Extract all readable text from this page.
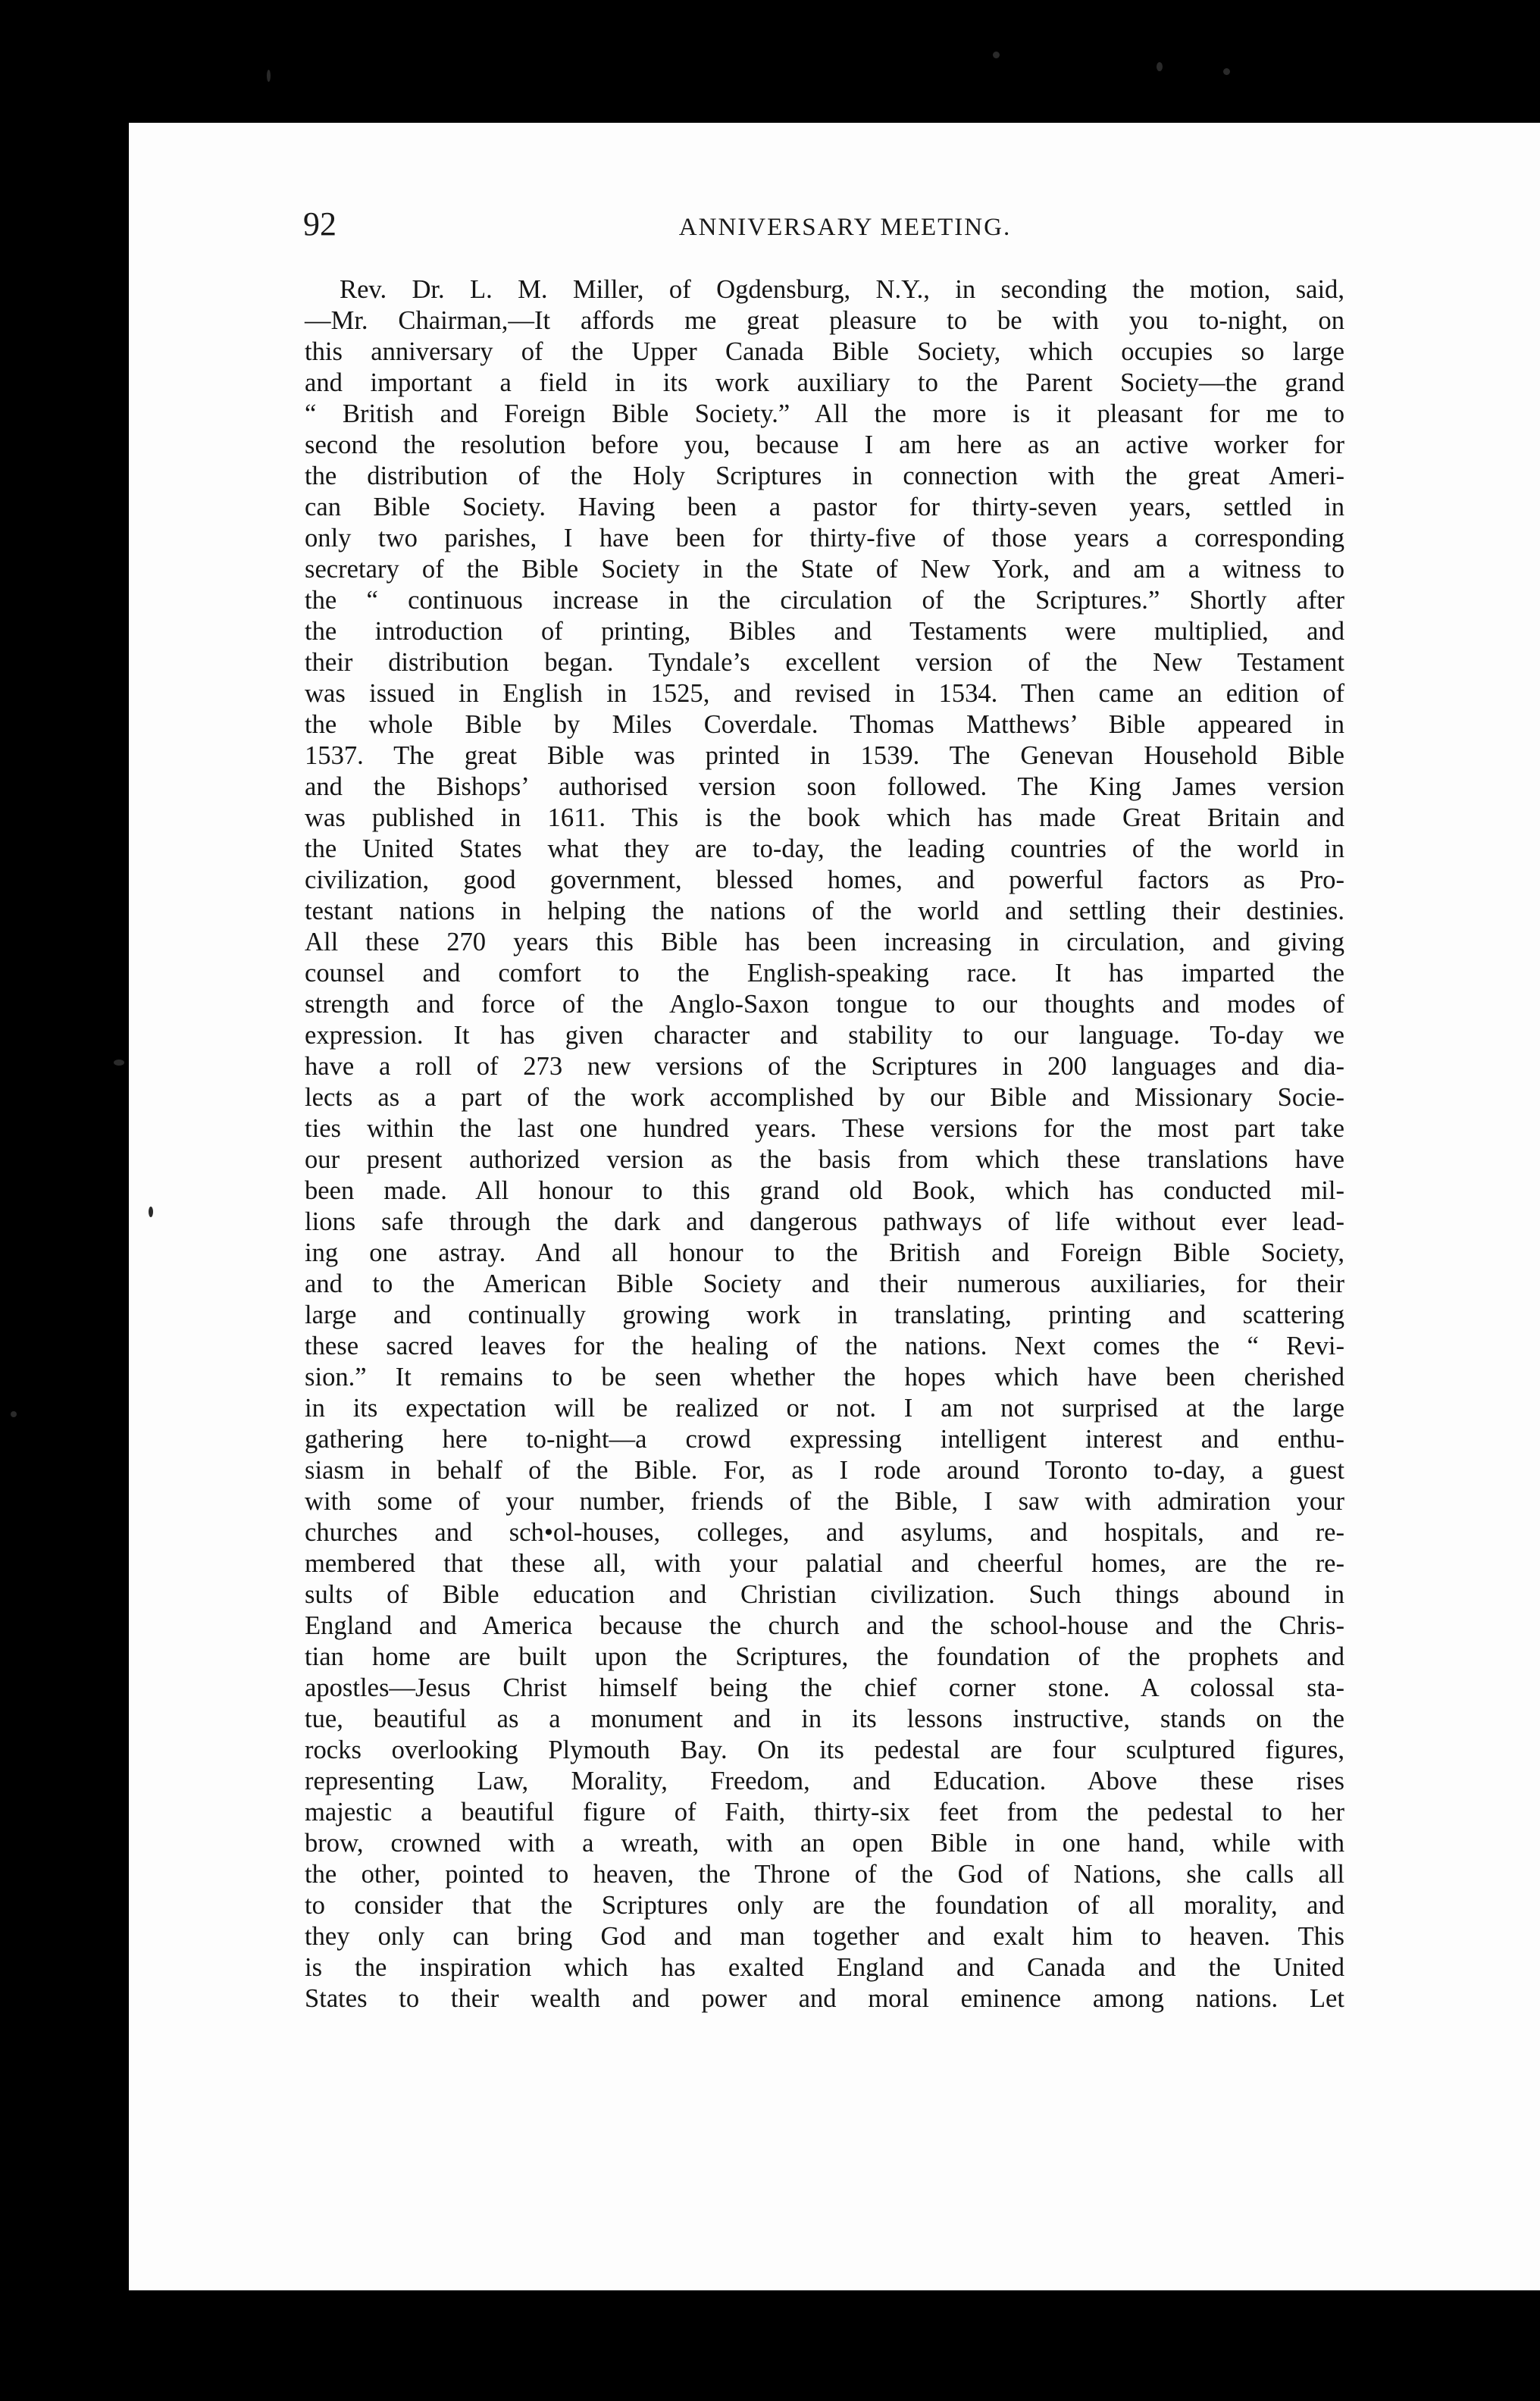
92	ANNIVERSARY MEETING.
Rev. Dr. L. M. Miller, of Ogdensburg, N.Y., in seconding the motion, said,
—Mr. Chairman,—It affords me great pleasure to be with you to-night, on
this anniversary of the Upper Canada Bible Society, which occupies so large
and important a field in its work auxiliary to the Parent Society—the grand
“ British and Foreign Bible Society.” All the more is it pleasant for me to
second the resolution before you, because I am here as an active worker for
the distribution of the Holy Scriptures in connection with the great Ameri-
can Bible Society. Having been a pastor for thirty-seven years, settled in
only two parishes, I have been for thirty-five of those years a corresponding
secretary of the Bible Society in the State of New York, and am a witness to
the “ continuous increase in the circulation of the Scriptures.” Shortly after
the introduction of printing, Bibles and Testaments were multiplied, and
their distribution began. Tyndale’s excellent version of the New Testament
was issued in English in 1525, and revised in 1534. Then came an edition of
the whole Bible by Miles Coverdale. Thomas Matthews’ Bible appeared in
1537. The great Bible was printed in 1539. The Genevan Household Bible
and the Bishops’ authorised version soon followed. The King James version
was published in 1611. This is the book which has made Great Britain and
the United States what they are to-day, the leading countries of the world in
civilization, good government, blessed homes, and powerful factors as Pro-
testant nations in helping the nations of the world and settling their destinies.
All these 270 years this Bible has been increasing in circulation, and giving
counsel and comfort to the English-speaking race. It has imparted the
strength and force of the Anglo-Saxon tongue to our thoughts and modes of
expression. It has given character and stability to our language. To-day we
have a roll of 273 new versions of the Scriptures in 200 languages and dia-
lects as a part of the work accomplished by our Bible and Missionary Socie-
ties within the last one hundred years. These versions for the most part take
our present authorized version as the basis from which these translations have
been made. All honour to this grand old Book, which has conducted mil-
lions safe through the dark and dangerous pathways of life without ever lead-
ing one astray. And all honour to the British and Foreign Bible Society,
and to the American Bible Society and their numerous auxiliaries, for their
large and continually growing work in translating, printing and scattering
these sacred leaves for the healing of the nations. Next comes the “ Revi-
sion.” It remains to be seen whether the hopes which have been cherished
in its expectation will be realized or not. I am not surprised at the large
gathering here to-night—a crowd expressing intelligent interest and enthu-
siasm in behalf of the Bible. For, as I rode around Toronto to-day, a guest
with some of your number, friends of the Bible, I saw with admiration your
churches and sch•ol-houses, colleges, and asylums, and hospitals, and re-
membered that these all, with your palatial and cheerful homes, are the re-
sults of Bible education and Christian civilization. Such things abound in
England and America because the church and the school-house and the Chris-
tian home are built upon the Scriptures, the foundation of the prophets and
apostles—Jesus Christ himself being the chief corner stone. A colossal sta-
tue, beautiful as a monument and in its lessons instructive, stands on the
rocks overlooking Plymouth Bay. On its pedestal are four sculptured figures,
representing Law, Morality, Freedom, and Education. Above these rises
majestic a beautiful figure of Faith, thirty-six feet from the pedestal to her
brow, crowned with a wreath, with an open Bible in one hand, while with
the other, pointed to heaven, the Throne of the God of Nations, she calls all
to consider that the Scriptures only are the foundation of all morality, and
they only can bring God and man together and exalt him to heaven. This
is the inspiration which has exalted England and Canada and the United
States to their wealth and power and moral eminence among nations. Let
